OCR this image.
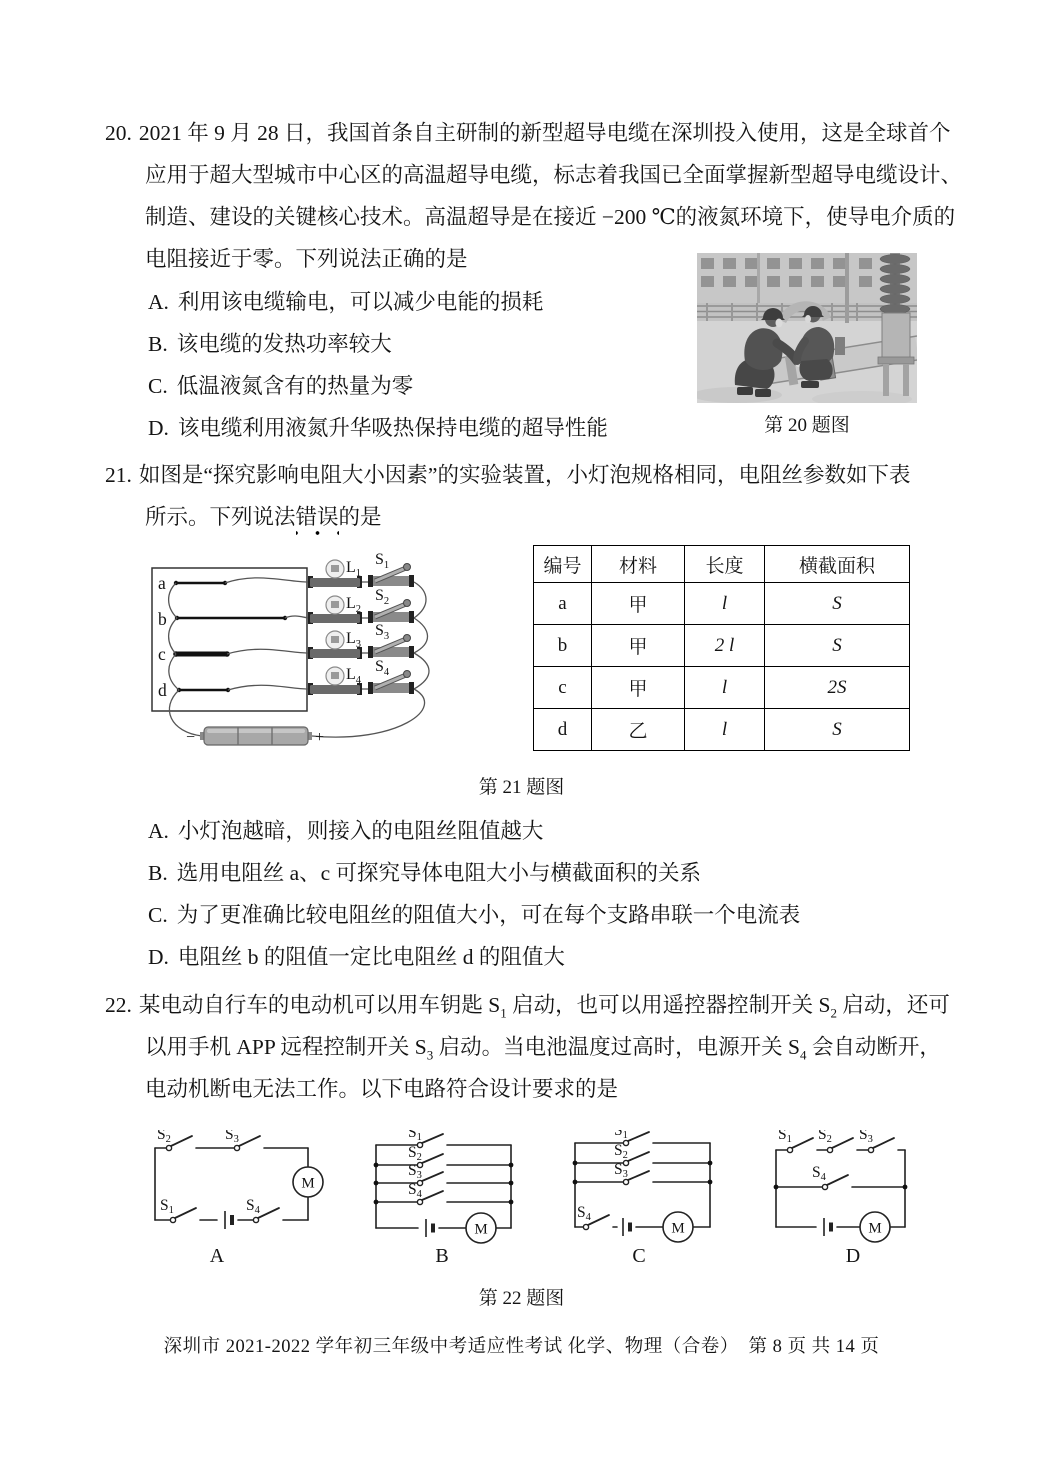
20. 2021 年 9 月 28 日，我国首条自主研制的新型超导电缆在深圳投入使用，这是全球首个
应用于超大型城市中心区的高温超导电缆，标志着我国已全面掌握新型超导电缆设计、
制造、建设的关键核心技术。高温超导是在接近 −200 ℃的液氮环境下，使导电介质的
电阻接近于零。下列说法正确的是
A. 利用该电缆输电，可以减少电能的损耗
B. 该电缆的发热功率较大
C. 低温液氮含有的热量为零
D. 该电缆利用液氮升华吸热保持电缆的超导性能	第 20 题图
21. 如图是“探究影响电阻大小因素”的实验装置，小灯泡规格相同，电阻丝参数如下表
所示。下列说法错误的是
a
b
c
d
$L_1$
$S_1$
$L_2$
$S_2$
$L_3$
$S_3$
$L_4$
$S_4$
−	+
编号	材料	长度	横截面积
a	甲	l	S
b	甲	2 l	S
c	甲	l	2S
d	乙	l	S
第 21 题图
A. 小灯泡越暗，则接入的电阻丝阻值越大
B. 选用电阻丝 a、c 可探究导体电阻大小与横截面积的关系
C. 为了更准确比较电阻丝的阻值大小，可在每个支路串联一个电流表
D. 电阻丝 b 的阻值一定比电阻丝 d 的阻值大
22. 某电动自行车的电动机可以用车钥匙 $S_1$ 启动，也可以用遥控器控制开关 $S_2$ 启动，还可
以用手机 APP 远程控制开关 $S_3$ 启动。当电池温度过高时，电源开关 $S_4$ 会自动断开，
电动机断电无法工作。以下电路符合设计要求的是
M
S2	S3
S1	S4
A
M
S1
S2
S3
S4
B
M
S1
S2
S3
S4
C
M
S1 S2 S3
S4
D
第 22 题图
深圳市 2021-2022 学年初三年级中考适应性考试 化学、物理（合卷）　第 8 页 共 14 页
